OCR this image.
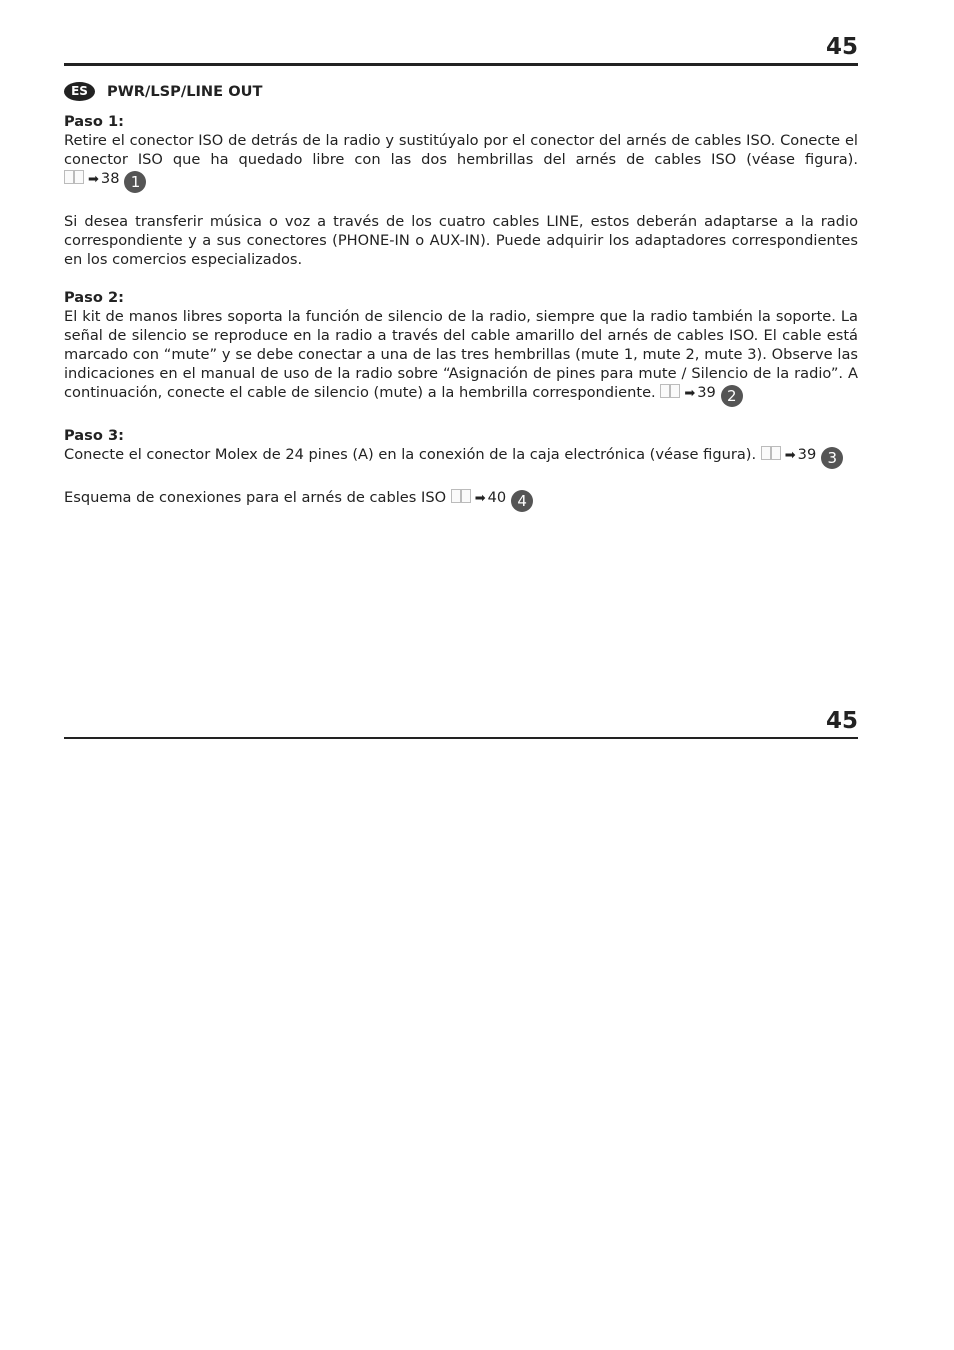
45
ES	PWR/LSP/LINE OUT

Paso 1:
Retire el conector ISO de detrás de la radio y sustitúyalo por el conector del arnés de cables ISO. Conecte el conector ISO que ha quedado libre con las dos hembrillas del arnés de cables ISO (véase figura). ➡ 38 1

Si desea transferir música o voz a través de los cuatro cables LINE, estos deberán adaptarse a la radio correspondiente y a sus conectores (PHONE-IN o AUX-IN). Puede adquirir los adaptadores correspondientes en los comercios especializados.

Paso 2:
El kit de manos libres soporta la función de silencio de la radio, siempre que la radio también la soporte. La señal de silencio se reproduce en la radio a través del cable amarillo del arnés de cables ISO. El cable está marcado con “mute” y se debe conectar a una de las tres hembrillas (mute 1, mute 2, mute 3). Observe las indicaciones en el manual de uso de la radio sobre “Asignación de pines para mute / Silencio de la radio”. A continuación, conecte el cable de silencio (mute) a la hembrilla correspondiente. ➡ 39 2

Paso 3:
Conecte el conector Molex de 24 pines (A) en la conexión de la caja electrónica (véase figura). ➡ 39 3

Esquema de conexiones para el arnés de cables ISO ➡ 40 4

45
